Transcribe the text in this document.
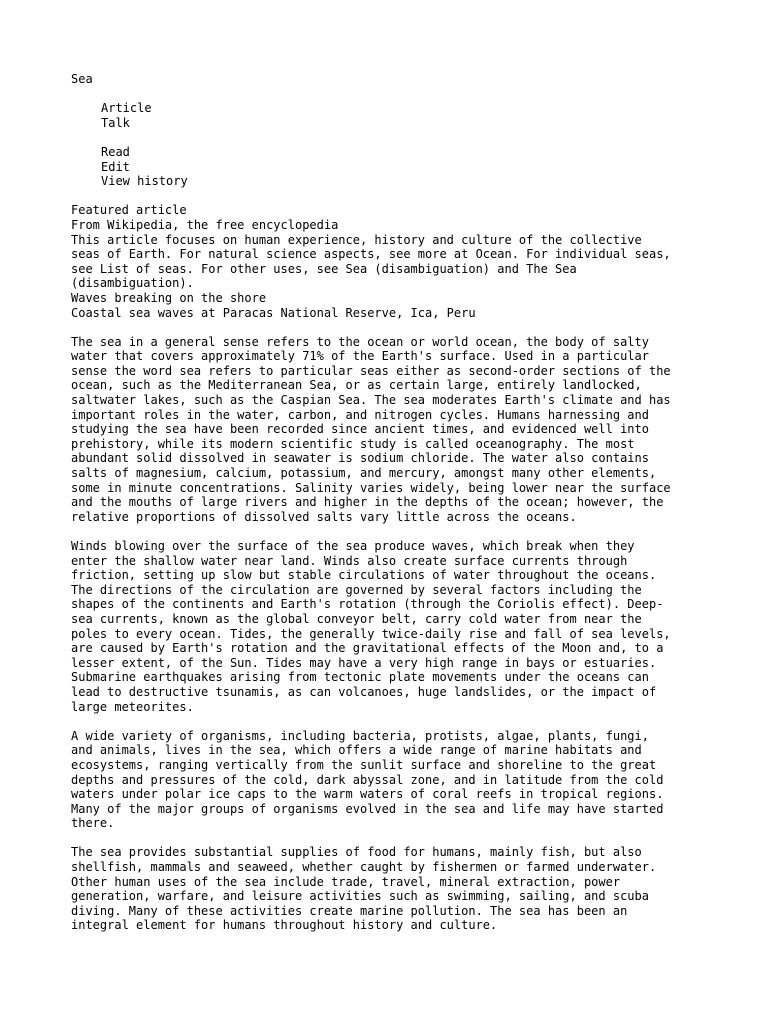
Sea
Article
Talk
Read
Edit
View history
Featured article
From Wikipedia, the free encyclopedia
This article focuses on human experience, history and culture of the collective
seas of Earth. For natural science aspects, see more at Ocean. For individual seas,
see List of seas. For other uses, see Sea (disambiguation) and The Sea
(disambiguation).
Waves breaking on the shore
Coastal sea waves at Paracas National Reserve, Ica, Peru
The sea in a general sense refers to the ocean or world ocean, the body of salty
water that covers approximately 71% of the Earth's surface. Used in a particular
sense the word sea refers to particular seas either as second-order sections of the
ocean, such as the Mediterranean Sea, or as certain large, entirely landlocked,
saltwater lakes, such as the Caspian Sea. The sea moderates Earth's climate and has
important roles in the water, carbon, and nitrogen cycles. Humans harnessing and
studying the sea have been recorded since ancient times, and evidenced well into
prehistory, while its modern scientific study is called oceanography. The most
abundant solid dissolved in seawater is sodium chloride. The water also contains
salts of magnesium, calcium, potassium, and mercury, amongst many other elements,
some in minute concentrations. Salinity varies widely, being lower near the surface
and the mouths of large rivers and higher in the depths of the ocean; however, the
relative proportions of dissolved salts vary little across the oceans.
Winds blowing over the surface of the sea produce waves, which break when they
enter the shallow water near land. Winds also create surface currents through
friction, setting up slow but stable circulations of water throughout the oceans.
The directions of the circulation are governed by several factors including the
shapes of the continents and Earth's rotation (through the Coriolis effect). Deep-
sea currents, known as the global conveyor belt, carry cold water from near the
poles to every ocean. Tides, the generally twice-daily rise and fall of sea levels,
are caused by Earth's rotation and the gravitational effects of the Moon and, to a
lesser extent, of the Sun. Tides may have a very high range in bays or estuaries.
Submarine earthquakes arising from tectonic plate movements under the oceans can
lead to destructive tsunamis, as can volcanoes, huge landslides, or the impact of
large meteorites.
A wide variety of organisms, including bacteria, protists, algae, plants, fungi,
and animals, lives in the sea, which offers a wide range of marine habitats and
ecosystems, ranging vertically from the sunlit surface and shoreline to the great
depths and pressures of the cold, dark abyssal zone, and in latitude from the cold
waters under polar ice caps to the warm waters of coral reefs in tropical regions.
Many of the major groups of organisms evolved in the sea and life may have started
there.
The sea provides substantial supplies of food for humans, mainly fish, but also
shellfish, mammals and seaweed, whether caught by fishermen or farmed underwater.
Other human uses of the sea include trade, travel, mineral extraction, power
generation, warfare, and leisure activities such as swimming, sailing, and scuba
diving. Many of these activities create marine pollution. The sea has been an
integral element for humans throughout history and culture.
